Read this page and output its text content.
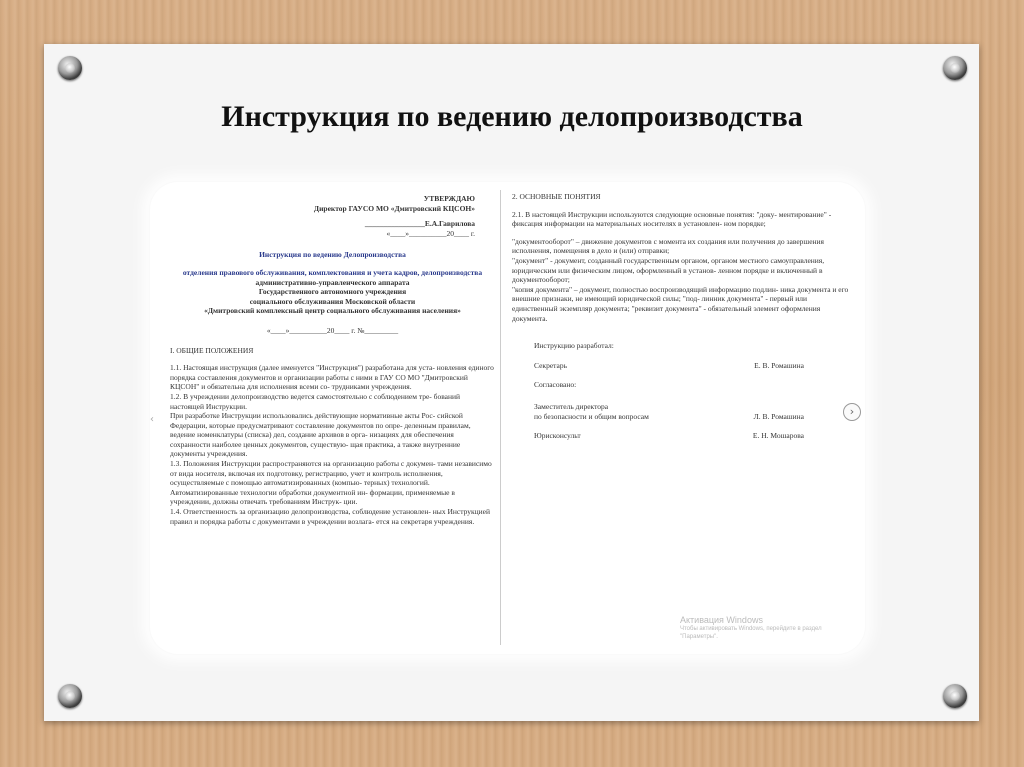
Инструкция по ведению делопроизводства

УТВЕРЖДАЮ

Директор ГАУСО МО «Дмитровский КЦСОН»

________________Е.А.Гаврилова

«____»__________20____ г.

Инструкция по ведению Делопроизводства

отделения правового обслуживания, комплектования и учета кадров, делопроизводства

административно-управленческого аппарата

Государственного автономного учреждения

социального обслуживания Московской области

«Дмитровский комплексный центр социального обслуживания населения»

«____»__________20____ г. №_________

I. ОБЩИЕ ПОЛОЖЕНИЯ

1.1. Настоящая инструкция (далее именуется "Инструкция") разработана для уста- новления единого порядка составления документов и организации работы с ними в ГАУ СО МО "Дмитровский КЦСОН" и обязательна для исполнения всеми со- трудниками учреждения.

1.2. В учреждении делопроизводство ведется самостоятельно с соблюдением тре- бований настоящей Инструкции.

При разработке Инструкции использовались действующие нормативные акты Рос- сийской Федерации, которые предусматривают составление документов по опре- деленным правилам, ведение номенклатуры (списка) дел, создание архивов в орга- низациях для обеспечения сохранности наиболее ценных документов, существую- щая практика, а также внутренние документы учреждения.

1.3. Положения Инструкции распространяются на организацию работы с докумен- тами независимо от вида носителя, включая их подготовку, регистрацию, учет и контроль исполнения, осуществляемые с помощью автоматизированных (компью- терных) технологий. Автоматизированные технологии обработки документной ин- формации, применяемые в учреждении, должны отвечать требованиям Инструк- ции.

1.4. Ответственность за организацию делопроизводства, соблюдение установлен- ных Инструкцией правил и порядка работы с документами в учреждении возлага- ется на секретаря учреждения.

2. ОСНОВНЫЕ ПОНЯТИЯ

2.1. В настоящей Инструкции используются следующие основные понятия: "доку- ментирование" - фиксация информации на материальных носителях в установлен- ном порядке;

"документооборот" – движение документов с момента их создания или получения до завершения исполнения, помещения в дело и (или) отправки;

"документ" - документ, созданный государственным органом, органом местного самоуправления, юридическим или физическим лицом, оформленный в установ- ленном порядке и включенный в документооборот;

"копия документа" – документ, полностью воспроизводящий информацию подлин- ника документа и его внешние признаки, не имеющий юридической силы; "под- линник документа" - первый или единственный экземпляр документа; "реквизит документа" - обязательный элемент оформления документа.

Инструкцию разработал:

Секретарь	Е. В. Ромашина

Согласовано:

Заместитель директора

по безопасности и общим вопросам	Л. В. Ромашина
Юрисконсульт	Е. Н. Мошарова
‹
›
Активация Windows
Чтобы активировать Windows, перейдите в раздел
"Параметры".
